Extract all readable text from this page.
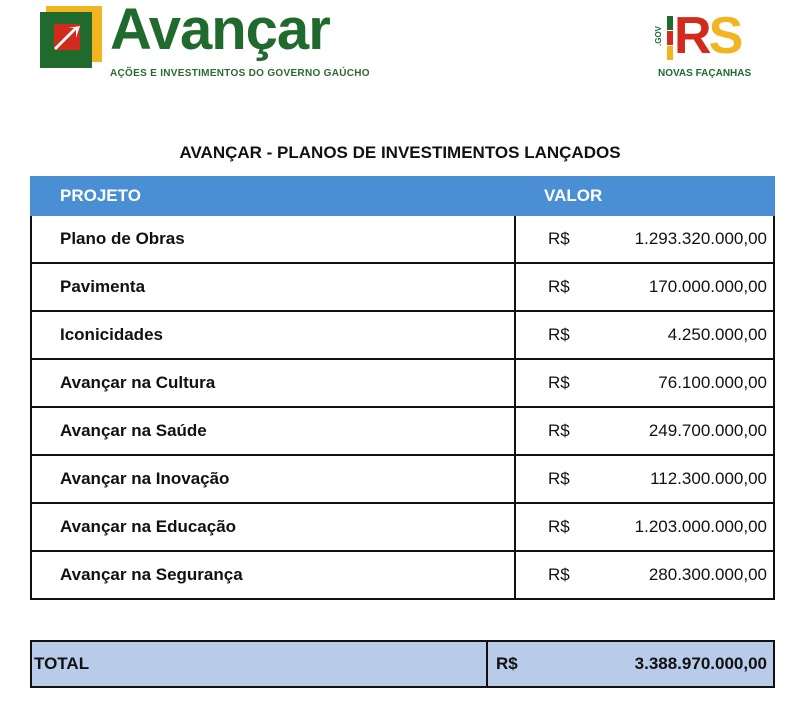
Avançar
AÇÕES E INVESTIMENTOS DO GOVERNO GAÚCHO
.GOV RS
NOVAS FAÇANHAS
AVANÇAR - PLANOS DE INVESTIMENTOS LANÇADOS
PROJETO	VALOR
Plano de Obras	R$ 1.293.320.000,00

Pavimenta	R$ 170.000.000,00

Iconicidades	R$ 4.250.000,00

Avançar na Cultura	R$ 76.100.000,00

Avançar na Saúde	R$ 249.700.000,00

Avançar na Inovação	R$ 112.300.000,00

Avançar na Educação	R$ 1.203.000.000,00

Avançar na Segurança	R$ 280.300.000,00
TOTAL	R$	3.388.970.000,00
